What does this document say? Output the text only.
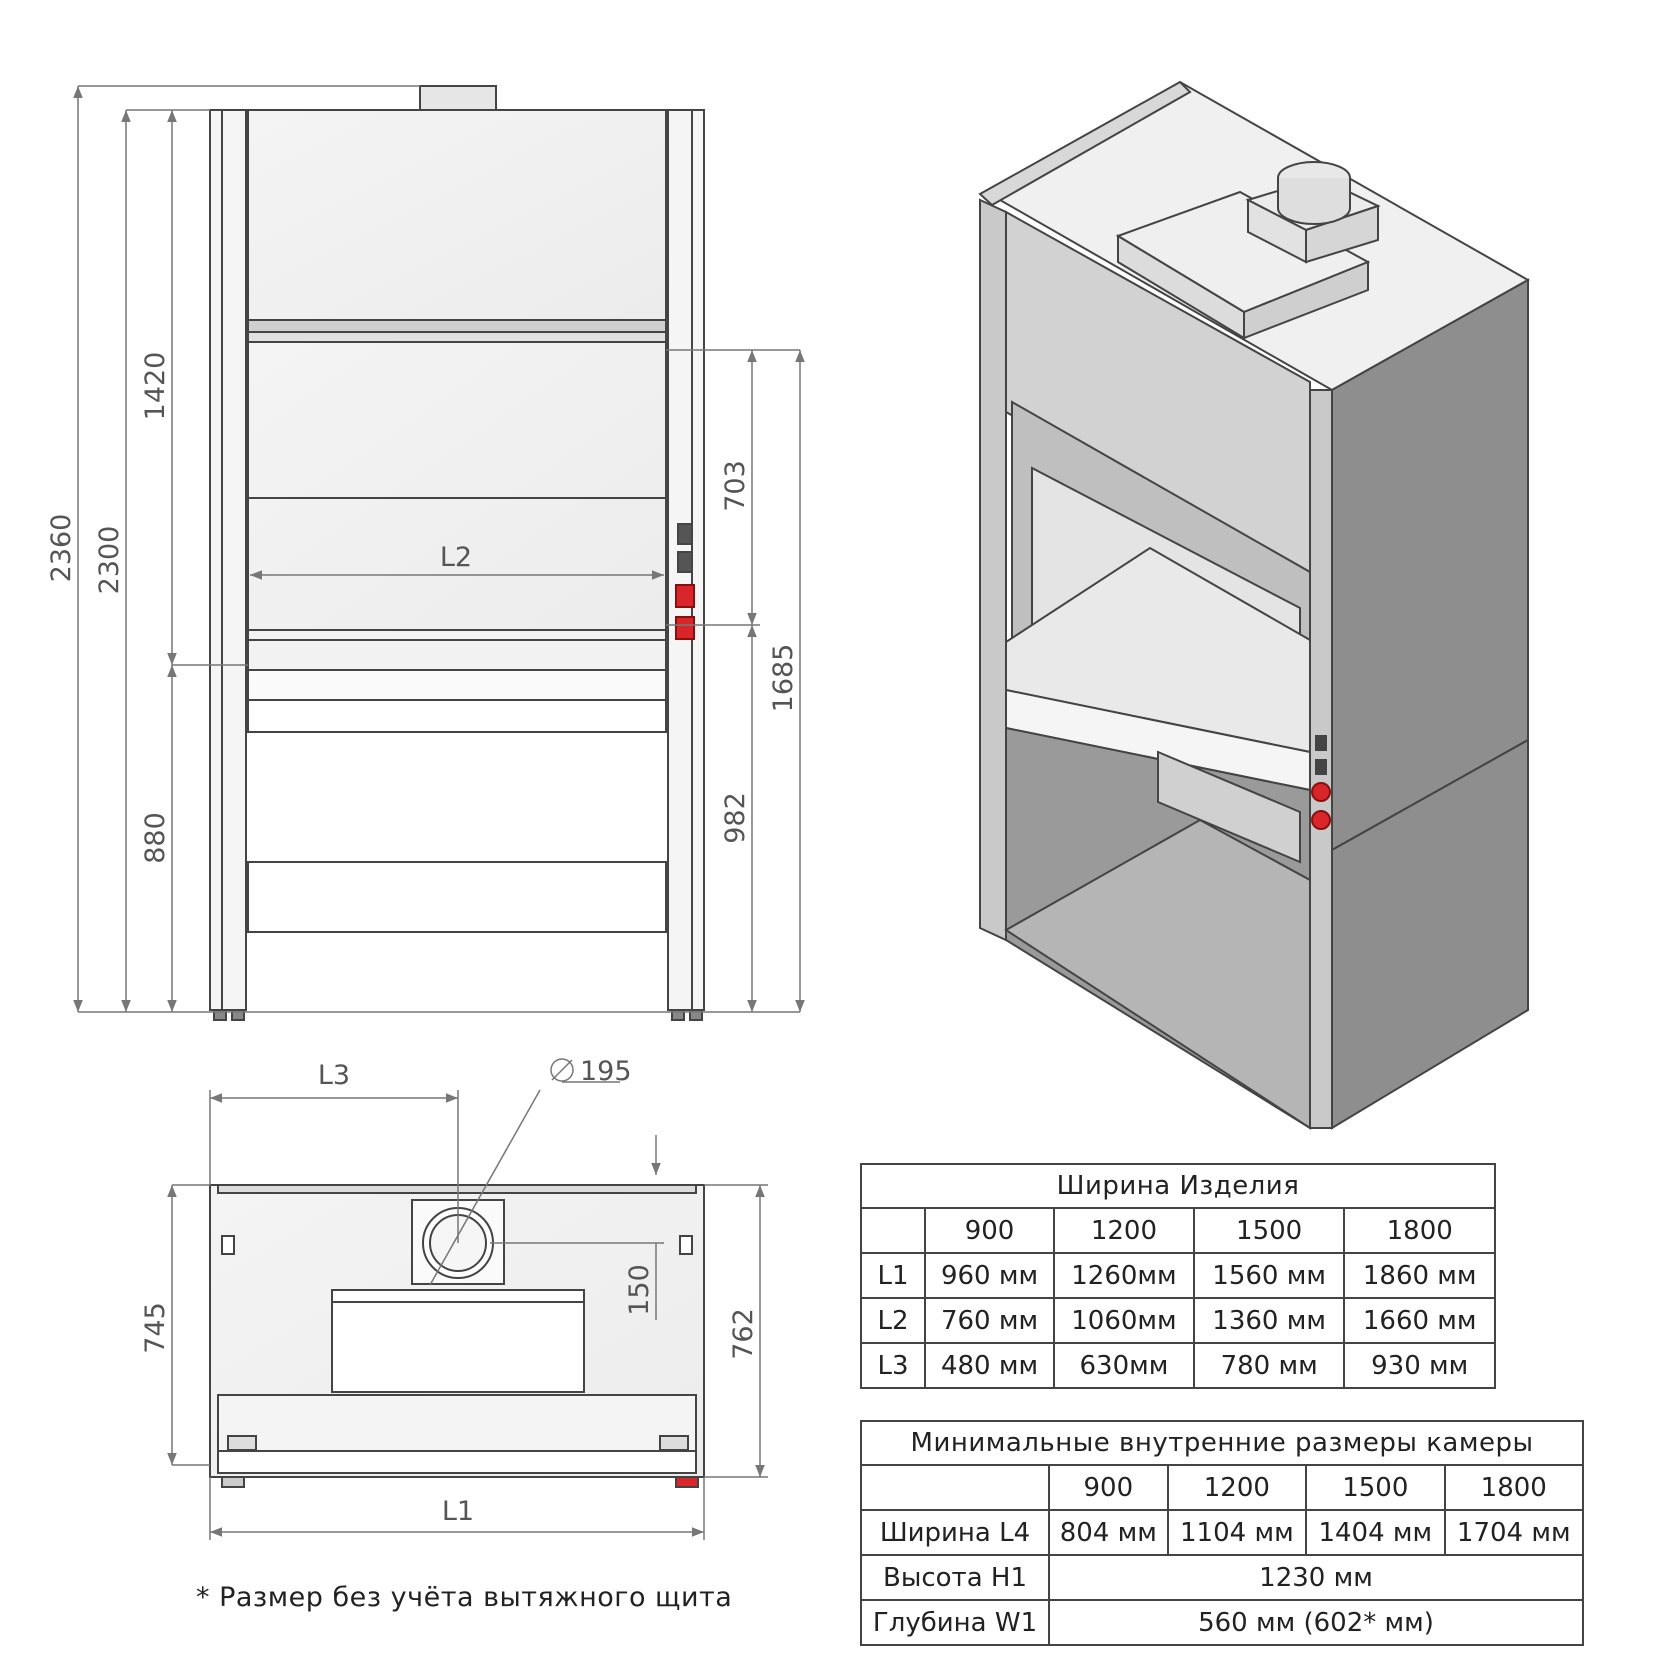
2360 2300
1420
880
703
982
1685
L2
L3	195
150
745	762
L1
Ширина Изделия				
	900	1200	1500	1800
L1	960 мм	1260мм	1560 мм	1860 мм
L2	760 мм	1060мм	1360 мм	1660 мм
L3	480 мм	630мм	780 мм	930 мм
Минимальные внутренние размеры камеры				
	900	1200	1500	1800
Ширина L4	804 мм	1104 мм	1404 мм	1704 мм
Высота H1	1230 мм			
Глубина W1	560 мм (602* мм)			
* Размер без учёта вытяжного щита
